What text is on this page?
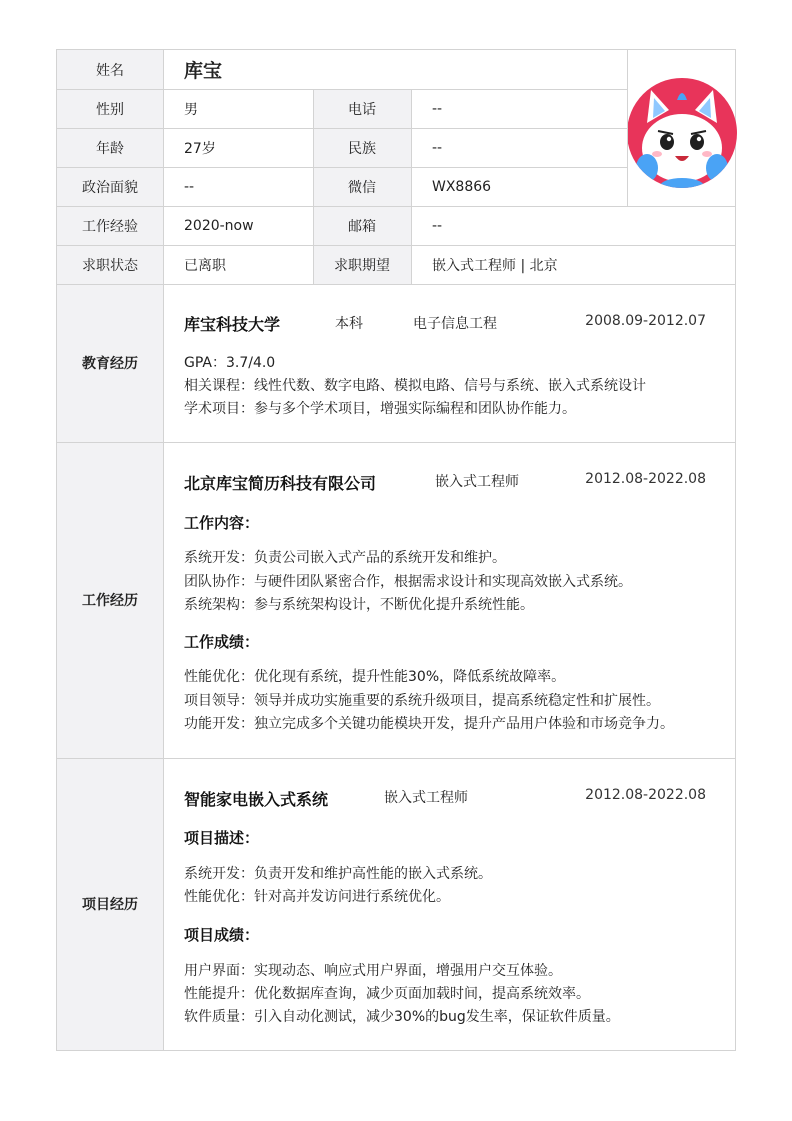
姓名	库宝
性别	男	电话	--
年龄	27岁	民族	--
政治面貌	--	微信	WX8866
工作经验	2020-now	邮箱	--
求职状态	已离职	求职期望	嵌入式工程师 | 北京
教育经历
库宝科技大学	本科	电子信息工程	2008.09-2012.07
GPA：3.7/4.0
相关课程：线性代数、数字电路、模拟电路、信号与系统、嵌入式系统设计
学术项目：参与多个学术项目，增强实际编程和团队协作能力。
工作经历
北京库宝简历科技有限公司	嵌入式工程师	2012.08-2022.08
工作内容：
系统开发：负责公司嵌入式产品的系统开发和维护。
团队协作：与硬件团队紧密合作，根据需求设计和实现高效嵌入式系统。
系统架构：参与系统架构设计，不断优化提升系统性能。
工作成绩：
性能优化：优化现有系统，提升性能30%，降低系统故障率。
项目领导：领导并成功实施重要的系统升级项目，提高系统稳定性和扩展性。
功能开发：独立完成多个关键功能模块开发，提升产品用户体验和市场竞争力。
项目经历
智能家电嵌入式系统	嵌入式工程师	2012.08-2022.08
项目描述：
系统开发：负责开发和维护高性能的嵌入式系统。
性能优化：针对高并发访问进行系统优化。
项目成绩：
用户界面：实现动态、响应式用户界面，增强用户交互体验。
性能提升：优化数据库查询，减少页面加载时间，提高系统效率。
软件质量：引入自动化测试，减少30%的bug发生率，保证软件质量。
